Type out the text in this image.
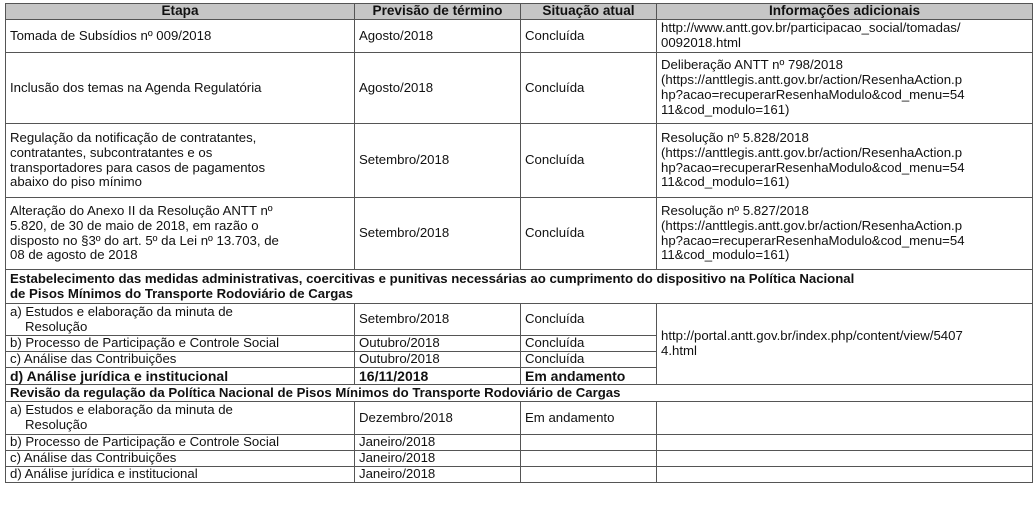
Etapa	Previsão de término	Situação atual	Informações adicionais

Tomada de Subsídios nº 009/2018	Agosto/2018	Concluída	http://www.antt.gov.br/participacao_social/tomadas/
0092018.html

Inclusão dos temas na Agenda Regulatória	Agosto/2018	Concluída	Deliberação ANTT nº 798/2018
(https://anttlegis.antt.gov.br/action/ResenhaAction.p
hp?acao=recuperarResenhaModulo&cod_menu=54
11&cod_modulo=161)

Regulação da notificação de contratantes,
contratantes, subcontratantes e os
transportadores para casos de pagamentos
abaixo do piso mínimo	Setembro/2018	Concluída	Resolução nº 5.828/2018
(https://anttlegis.antt.gov.br/action/ResenhaAction.p
hp?acao=recuperarResenhaModulo&cod_menu=54
11&cod_modulo=161)

Alteração do Anexo II da Resolução ANTT nº
5.820, de 30 de maio de 2018, em razão o
disposto no §3º do art. 5º da Lei nº 13.703, de
08 de agosto de 2018	Setembro/2018	Concluída	Resolução nº 5.827/2018
(https://anttlegis.antt.gov.br/action/ResenhaAction.p
hp?acao=recuperarResenhaModulo&cod_menu=54
11&cod_modulo=161)

Estabelecimento das medidas administrativas, coercitivas e punitivas necessárias ao cumprimento do dispositivo na Política Nacional
de Pisos Mínimos do Transporte Rodoviário de Cargas			

a) Estudos e elaboração da minuta de
Resolução	Setembro/2018	Concluída	http://portal.antt.gov.br/index.php/content/view/5407
4.html

b) Processo de Participação e Controle Social	Outubro/2018	Concluída	
c) Análise das Contribuições	Outubro/2018	Concluída	
d) Análise jurídica e institucional	16/11/2018	Em andamento	
Revisão da regulação da Política Nacional de Pisos Mínimos do Transporte Rodoviário de Cargas			

a) Estudos e elaboração da minuta de
Resolução	Dezembro/2018	Em andamento	
b) Processo de Participação e Controle Social	Janeiro/2018		
c) Análise das Contribuições	Janeiro/2018		
d) Análise jurídica e institucional	Janeiro/2018		
